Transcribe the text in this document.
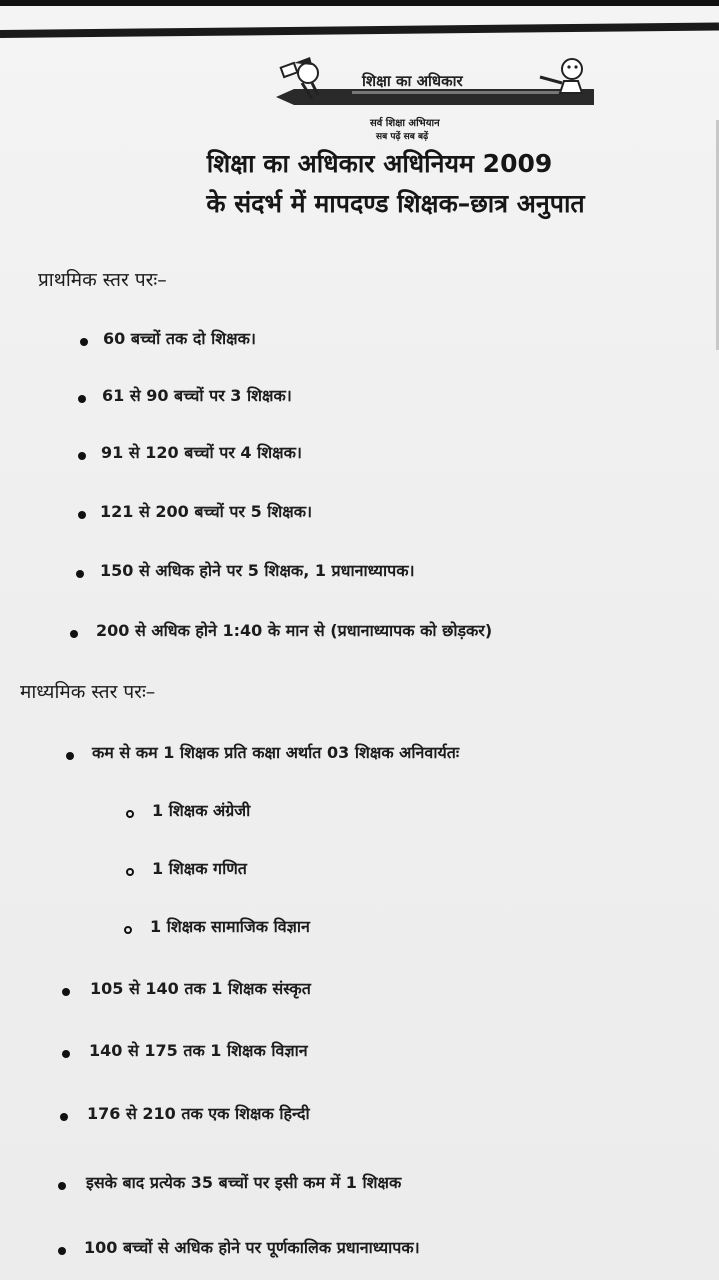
शिक्षा का अधिकार
सर्व शिक्षा अभियान
सब पढ़ें सब बढ़ें
शिक्षा का अधिकार अधिनियम 2009
के संदर्भ में मापदण्ड शिक्षक–छात्र अनुपात
प्राथमिक स्तर परः–
60 बच्चों तक दो शिक्षक।
61 से 90 बच्चों पर 3 शिक्षक।
91 से 120 बच्चों पर 4 शिक्षक।
121 से 200 बच्चों पर 5 शिक्षक।
150 से अधिक होने पर 5 शिक्षक, 1 प्रधानाध्यापक।
200 से अधिक होने 1:40 के मान से (प्रधानाध्यापक को छोड़कर)
माध्यमिक स्तर परः–
कम से कम 1 शिक्षक प्रति कक्षा अर्थात 03 शिक्षक अनिवार्यतः
1 शिक्षक अंग्रेजी
1 शिक्षक गणित
1 शिक्षक सामाजिक विज्ञान
105 से 140 तक 1 शिक्षक संस्कृत
140 से 175 तक 1 शिक्षक विज्ञान
176 से 210 तक एक शिक्षक हिन्दी
इसके बाद प्रत्येक 35 बच्चों पर इसी कम में 1 शिक्षक
100 बच्चों से अधिक होने पर पूर्णकालिक प्रधानाध्यापक।
